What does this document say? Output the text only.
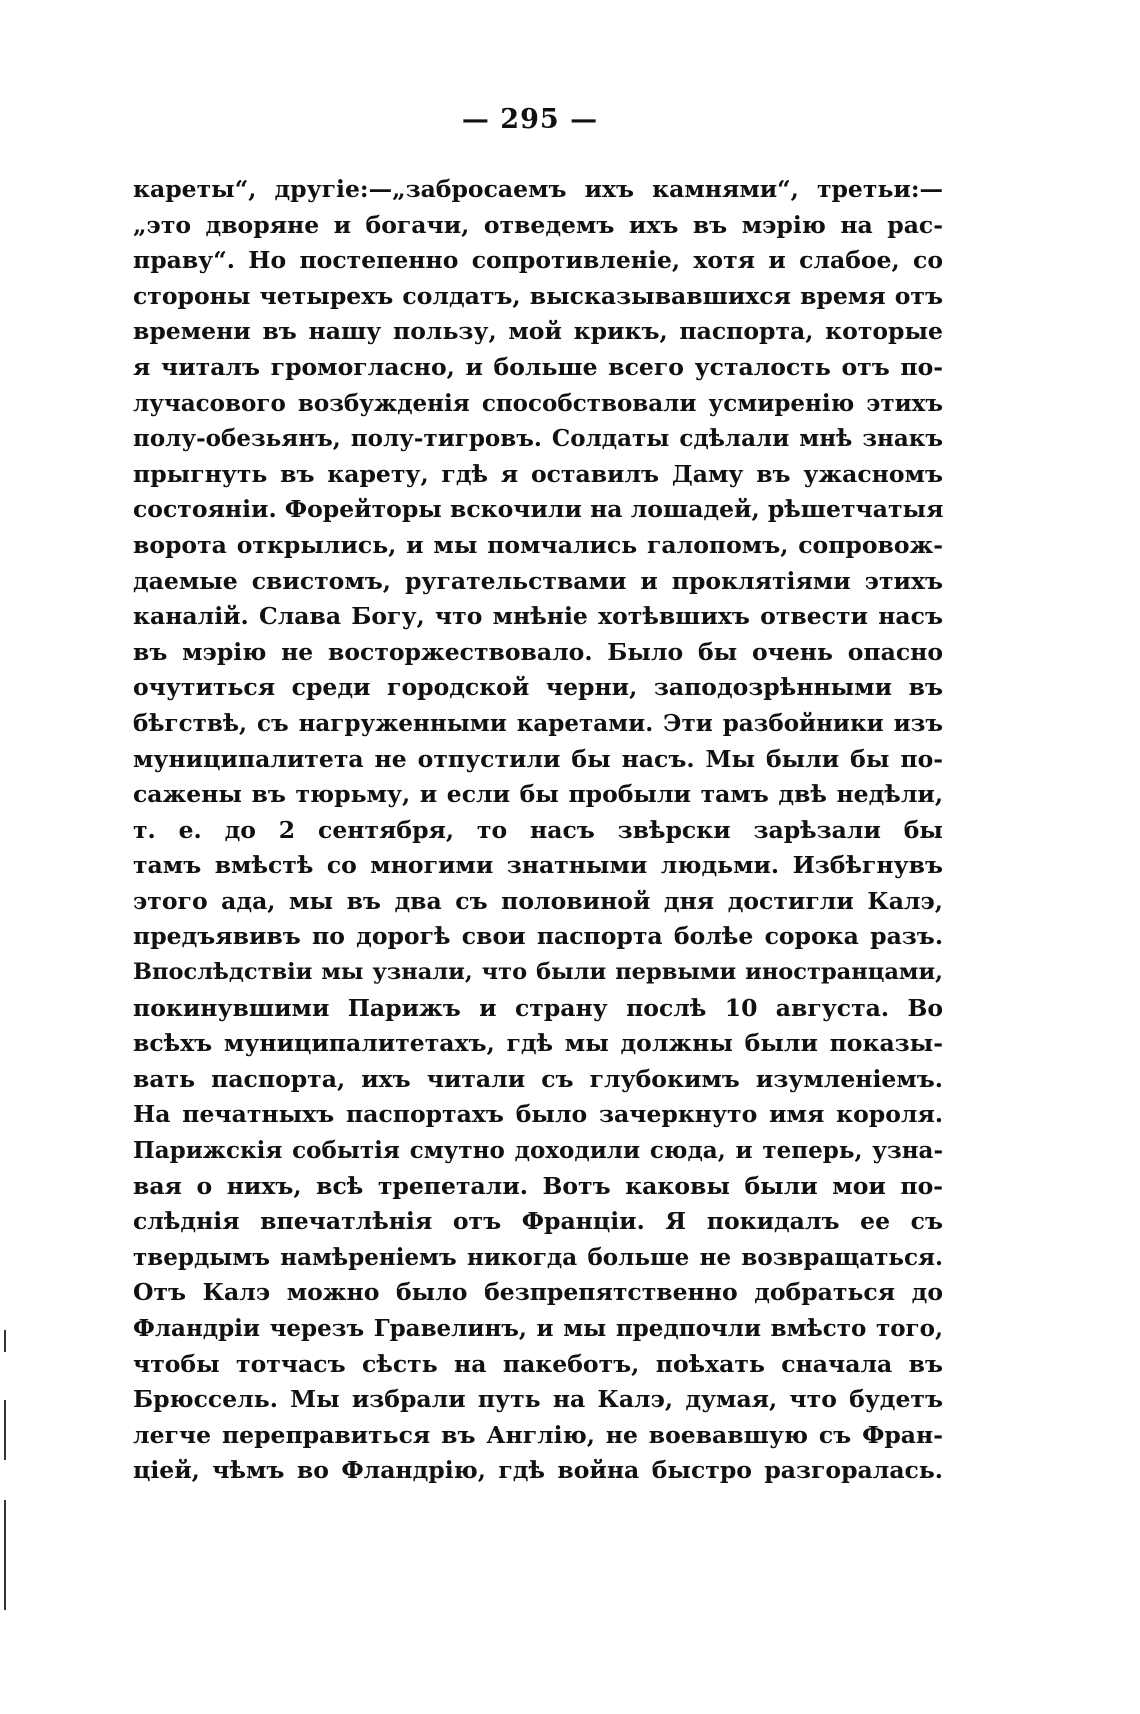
— 295 —
кареты“, другіе:—„забросаемъ ихъ камнями“, третьи:—
„это дворяне и богачи, отведемъ ихъ въ мэрію на рас-
праву“. Но постепенно сопротивленіе, хотя и слабое, со
стороны четырехъ солдатъ, высказывавшихся время отъ
времени въ нашу пользу, мой крикъ, паспорта, которые
я читалъ громогласно, и больше всего усталость отъ по-
лучасового возбужденія способствовали усмиренію этихъ
полу-обезьянъ, полу-тигровъ. Солдаты сдѣлали мнѣ знакъ
прыгнуть въ карету, гдѣ я оставилъ Даму въ ужасномъ
состояніи. Форейторы вскочили на лошадей, рѣшетчатыя
ворота открылись, и мы помчались галопомъ, сопровож-
даемые свистомъ, ругательствами и проклятіями этихъ
каналій. Слава Богу, что мнѣніе хотѣвшихъ отвести насъ
въ мэрію не восторжествовало. Было бы очень опасно
очутиться среди городской черни, заподозрѣнными въ
бѣгствѣ, съ нагруженными каретами. Эти разбойники изъ
муниципалитета не отпустили бы насъ. Мы были бы по-
сажены въ тюрьму, и если бы пробыли тамъ двѣ недѣли,
т. е. до 2 сентября, то насъ звѣрски зарѣзали бы
тамъ вмѣстѣ со многими знатными людьми. Избѣгнувъ
этого ада, мы въ два съ половиной дня достигли Калэ,
предъявивъ по дорогѣ свои паспорта болѣе сорока разъ.
Впослѣдствіи мы узнали, что были первыми иностранцами,
покинувшими Парижъ и страну послѣ 10 августа. Во
всѣхъ муниципалитетахъ, гдѣ мы должны были показы-
вать паспорта, ихъ читали съ глубокимъ изумленіемъ.
На печатныхъ паспортахъ было зачеркнуто имя короля.
Парижскія событія смутно доходили сюда, и теперь, узна-
вая о нихъ, всѣ трепетали. Вотъ каковы были мои по-
слѣднія впечатлѣнія отъ Франціи. Я покидалъ ее съ
твердымъ намѣреніемъ никогда больше не возвращаться.
Отъ Калэ можно было безпрепятственно добраться до
Фландріи черезъ Гравелинъ, и мы предпочли вмѣсто того,
чтобы тотчасъ сѣсть на пакеботъ, поѣхать сначала въ
Брюссель. Мы избрали путь на Калэ, думая, что будетъ
легче переправиться въ Англію, не воевавшую съ Фран-
ціей, чѣмъ во Фландрію, гдѣ война быстро разгоралась.
